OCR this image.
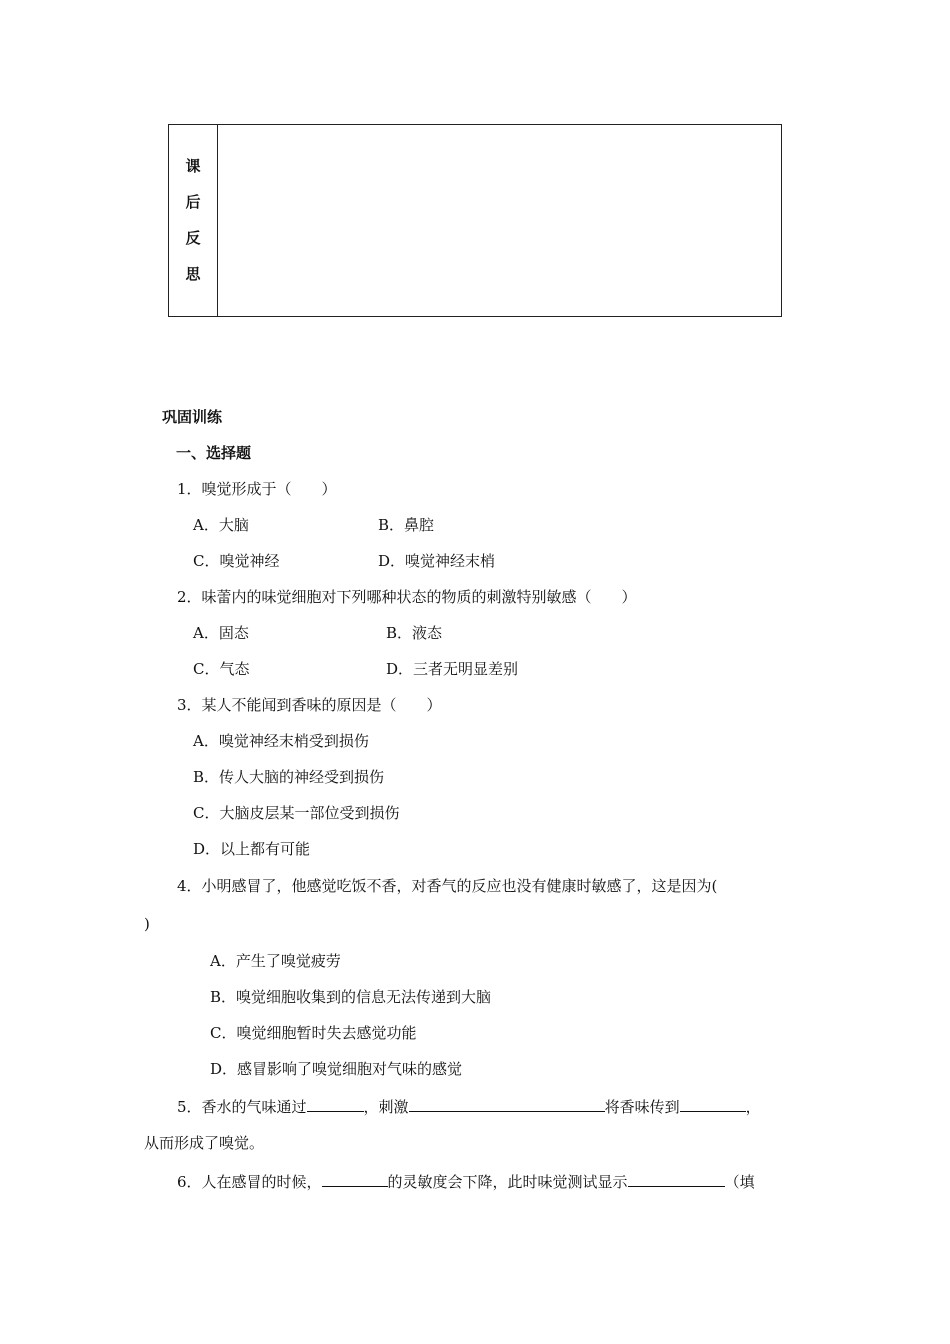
课
后
反
思
巩固训练
一、选择题
1．嗅觉形成于（　　）
A．大脑	B．鼻腔
C．嗅觉神经	D．嗅觉神经末梢
2．味蕾内的味觉细胞对下列哪种状态的物质的刺激特别敏感（　　）
A．固态	B．液态
C．气态	D．三者无明显差别
3．某人不能闻到香味的原因是（　　）
A．嗅觉神经末梢受到损伤
B．传人大脑的神经受到损伤
C．大脑皮层某一部位受到损伤
D．以上都有可能
4．小明感冒了，他感觉吃饭不香，对香气的反应也没有健康时敏感了，这是因为(
)
A．产生了嗅觉疲劳
B．嗅觉细胞收集到的信息无法传递到大脑
C．嗅觉细胞暂时失去感觉功能
D．感冒影响了嗅觉细胞对气味的感觉
5．香水的气味通过	，刺激	将香味传到	，
从而形成了嗅觉。
6．人在感冒的时候，	的灵敏度会下降，此时味觉测试显示	（填
